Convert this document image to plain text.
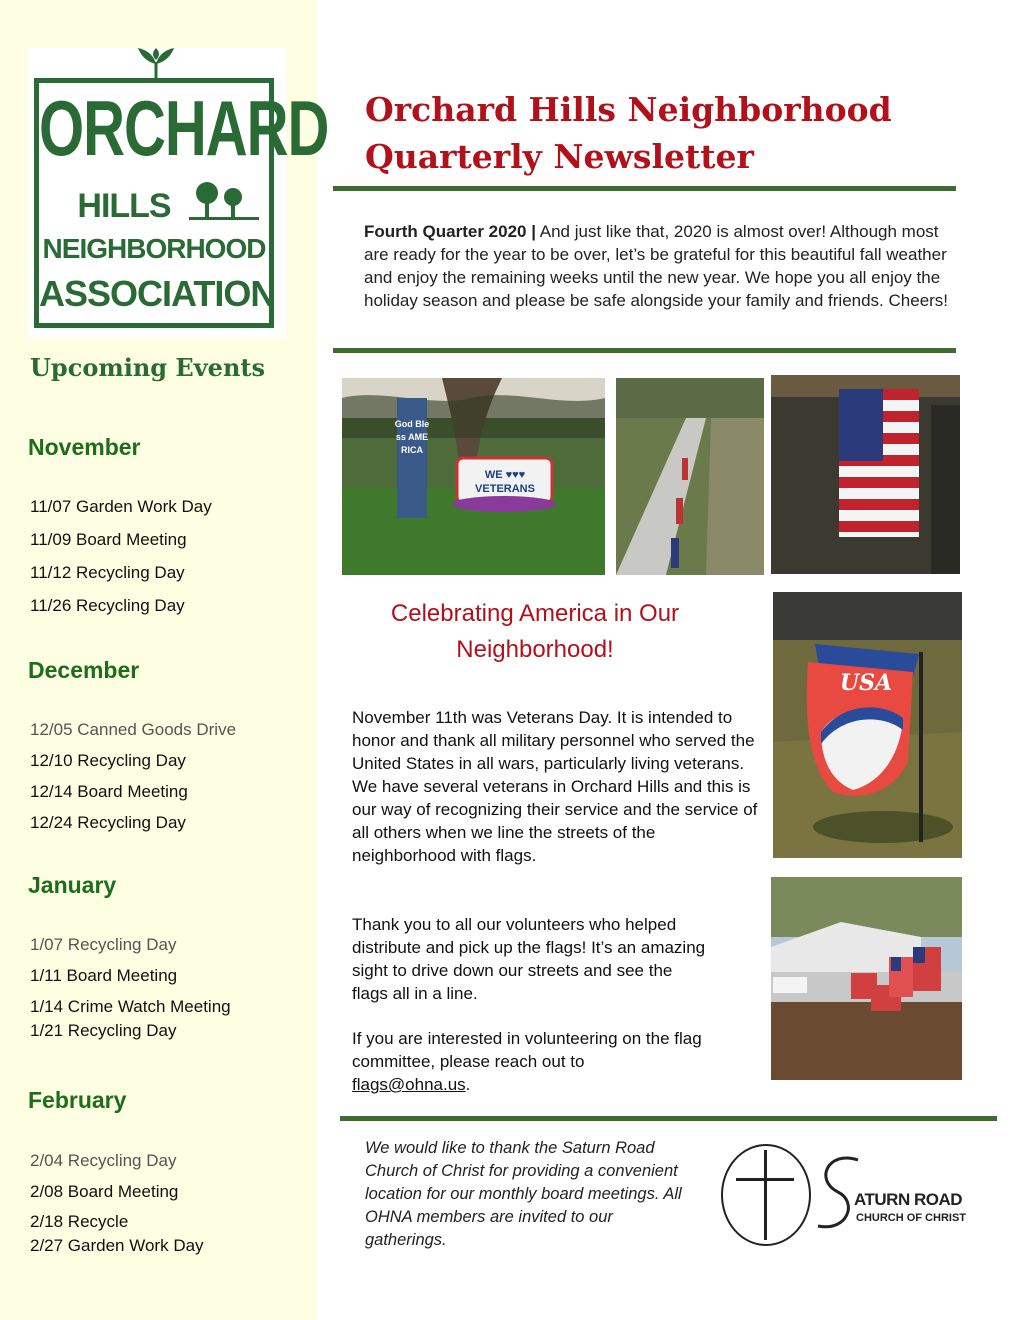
ORCHARD
HILLS
NEIGHBORHOOD
ASSOCIATION
Upcoming Events
November
11/07 Garden Work Day
11/09 Board Meeting
11/12 Recycling Day
11/26 Recycling Day
December
12/05 Canned Goods Drive
12/10 Recycling Day
12/14 Board Meeting
12/24 Recycling Day
January
1/07 Recycling Day
1/11 Board Meeting
1/14 Crime Watch Meeting
1/21 Recycling Day
February
2/04 Recycling Day
2/08 Board Meeting
2/18 Recycle
2/27 Garden Work Day
Orchard Hills Neighborhood
Quarterly Newsletter
Fourth Quarter 2020 | And just like that, 2020 is almost over! Although most are ready for the year to be over, let’s be grateful for this beautiful fall weather and enjoy the remaining weeks until the new year. We hope you all enjoy the holiday season and please be safe alongside your family and friends. Cheers!
God Bless AMERICA
WE ♥♥♥ VETERANS
Celebrating America in Our
Neighborhood!
USA
November 11th was Veterans Day. It is intended to honor and thank all military personnel who served the United States in all wars, particularly living veterans. We have several veterans in Orchard Hills and this is our way of recognizing their service and the service of all others when we line the streets of the neighborhood with flags.
Thank you to all our volunteers who helped distribute and pick up the flags! It’s an amazing sight to drive down our streets and see the flags all in a line.
If you are interested in volunteering on the flag committee, please reach out to
flags@ohna.us.
We would like to thank the Saturn Road Church of Christ for providing a convenient location for our monthly board meetings. All OHNA members are invited to our gatherings.
ATURN ROAD
CHURCH OF CHRIST
